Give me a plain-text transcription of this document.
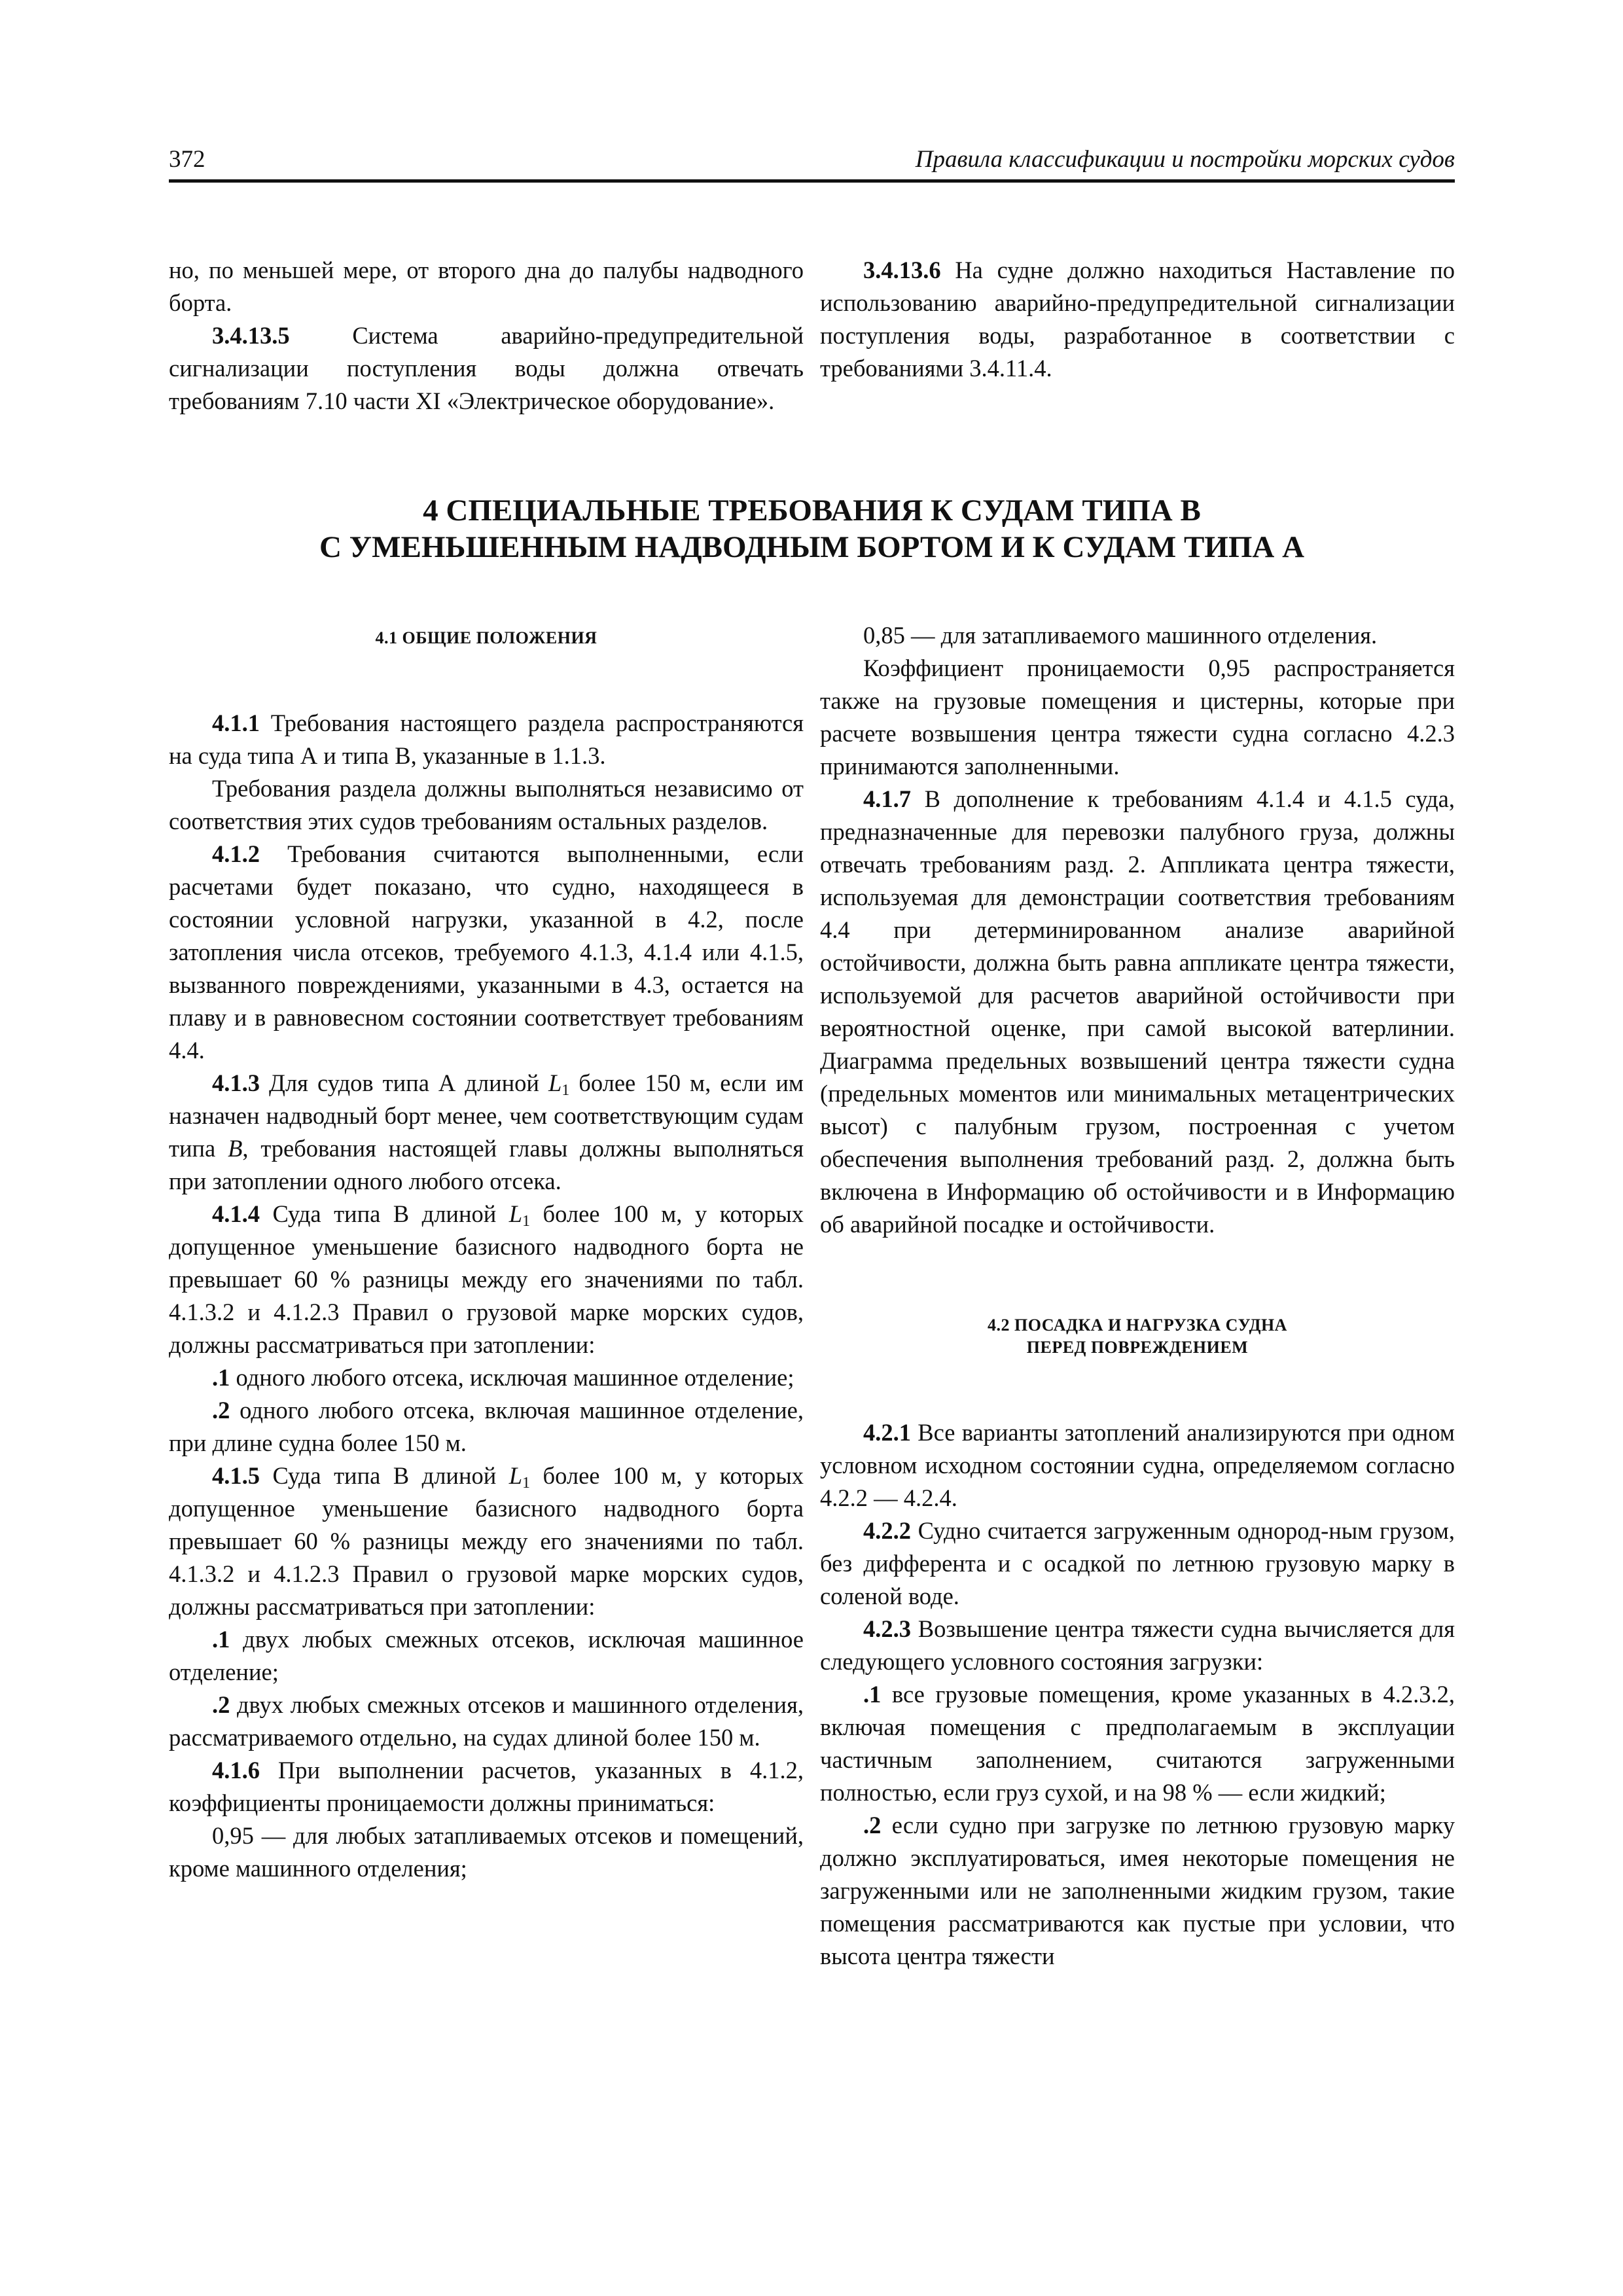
372	Правила классификации и постройки морских судов

но, по меньшей мере, от второго дна до палубы надводного борта.

3.4.13.5 Система аварийно-предупредительной сигнализации поступления воды должна отвечать требованиям 7.10 части XI «Электрическое оборудование».

3.4.13.6 На судне должно находиться Наставление по использованию аварийно-предупредительной сигнализации поступления воды, разработанное в соответствии с требованиями 3.4.11.4.

4 СПЕЦИАЛЬНЫЕ ТРЕБОВАНИЯ К СУДАМ ТИПА В
С УМЕНЬШЕННЫМ НАДВОДНЫМ БОРТОМ И К СУДАМ ТИПА А

4.1 ОБЩИЕ ПОЛОЖЕНИЯ

4.1.1 Требования настоящего раздела распространяются на суда типа А и типа В, указанные в 1.1.3.

Требования раздела должны выполняться независимо от соответствия этих судов требованиям остальных разделов.

4.1.2 Требования считаются выполненными, если расчетами будет показано, что судно, находящееся в состоянии условной нагрузки, указанной в 4.2, после затопления числа отсеков, требуемого 4.1.3, 4.1.4 или 4.1.5, вызванного повреждениями, указанными в 4.3, остается на плаву и в равновесном состоянии соответствует требованиям 4.4.

4.1.3 Для судов типа А длиной $L_1$ более 150 м, если им назначен надводный борт менее, чем соответствующим судам типа B, требования настоящей главы должны выполняться при затоплении одного любого отсека.

4.1.4 Суда типа В длиной $L_1$ более 100 м, у которых допущенное уменьшение базисного надводного борта не превышает 60 % разницы между его значениями по табл. 4.1.3.2 и 4.1.2.3 Правил о грузовой марке морских судов, должны рассматриваться при затоплении:

.1 одного любого отсека, исключая машинное отделение;

.2 одного любого отсека, включая машинное отделение, при длине судна более 150 м.

4.1.5 Суда типа В длиной $L_1$ более 100 м, у которых допущенное уменьшение базисного надводного борта превышает 60 % разницы между его значениями по табл. 4.1.3.2 и 4.1.2.3 Правил о грузовой марке морских судов, должны рассматриваться при затоплении:

.1 двух любых смежных отсеков, исключая машинное отделение;

.2 двух любых смежных отсеков и машинного отделения, рассматриваемого отдельно, на судах длиной более 150 м.

4.1.6 При выполнении расчетов, указанных в 4.1.2, коэффициенты проницаемости должны приниматься:

0,95 — для любых затапливаемых отсеков и помещений, кроме машинного отделения;

0,85 — для затапливаемого машинного отделения.

Коэффициент проницаемости 0,95 распространяется также на грузовые помещения и цистерны, которые при расчете возвышения центра тяжести судна согласно 4.2.3 принимаются заполненными.

4.1.7 В дополнение к требованиям 4.1.4 и 4.1.5 суда, предназначенные для перевозки палубного груза, должны отвечать требованиям разд. 2. Аппликата центра тяжести, используемая для демонстрации соответствия требованиям 4.4 при детерминированном анализе аварийной остойчивости, должна быть равна аппликате центра тяжести, используемой для расчетов аварийной остойчивости при вероятностной оценке, при самой высокой ватерлинии. Диаграмма предельных возвышений центра тяжести судна (предельных моментов или минимальных метацентрических высот) с палубным грузом, построенная с учетом обеспечения выполнения требований разд. 2, должна быть включена в Информацию об остойчивости и в Информацию об аварийной посадке и остойчивости.

4.2 ПОСАДКА И НАГРУЗКА СУДНА
ПЕРЕД ПОВРЕЖДЕНИЕМ

4.2.1 Все варианты затоплений анализируются при одном условном исходном состоянии судна, определяемом согласно 4.2.2 — 4.2.4.

4.2.2 Судно считается загруженным однород-ным грузом, без дифферента и с осадкой по летнюю грузовую марку в соленой воде.

4.2.3 Возвышение центра тяжести судна вычисляется для следующего условного состояния загрузки:

.1 все грузовые помещения, кроме указанных в 4.2.3.2, включая помещения с предполагаемым в эксплуации частичным заполнением, считаются загруженными полностью, если груз сухой, и на 98 % — если жидкий;

.2 если судно при загрузке по летнюю грузовую марку должно эксплуатироваться, имея некоторые помещения не загруженными или не заполненными жидким грузом, такие помещения рассматриваются как пустые при условии, что высота центра тяжести
